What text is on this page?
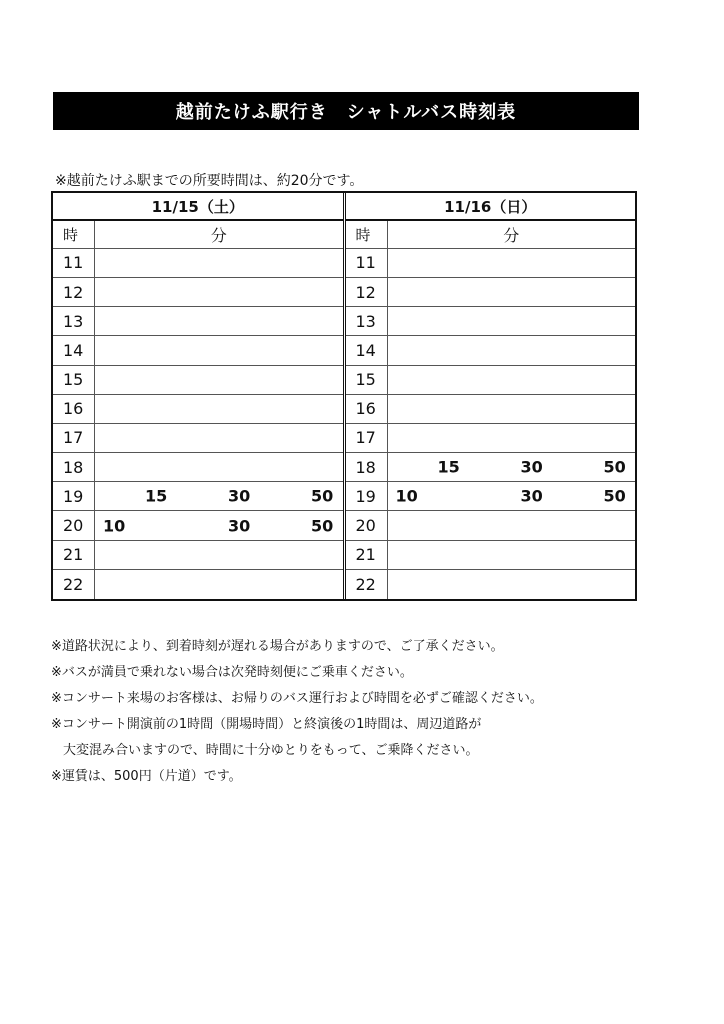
越前たけふ駅行き　シャトルバス時刻表
※越前たけふ駅までの所要時間は、約20分です。
11/15（土）
時	分
11
12
13
14
15
16
17
18
19	15	30	50
20	10	30	50
21
22
11/16（日）
時	分
11
12
13
14
15
16
17
18	15	30	50
19	10	30	50
20
21
22
※道路状況により、到着時刻が遅れる場合がありますので、ご了承ください。
※バスが満員で乗れない場合は次発時刻便にご乗車ください。
※コンサート来場のお客様は、お帰りのバス運行および時間を必ずご確認ください。
※コンサート開演前の1時間（開場時間）と終演後の1時間は、周辺道路が
大変混み合いますので、時間に十分ゆとりをもって、ご乗降ください。
※運賃は、500円（片道）です。
